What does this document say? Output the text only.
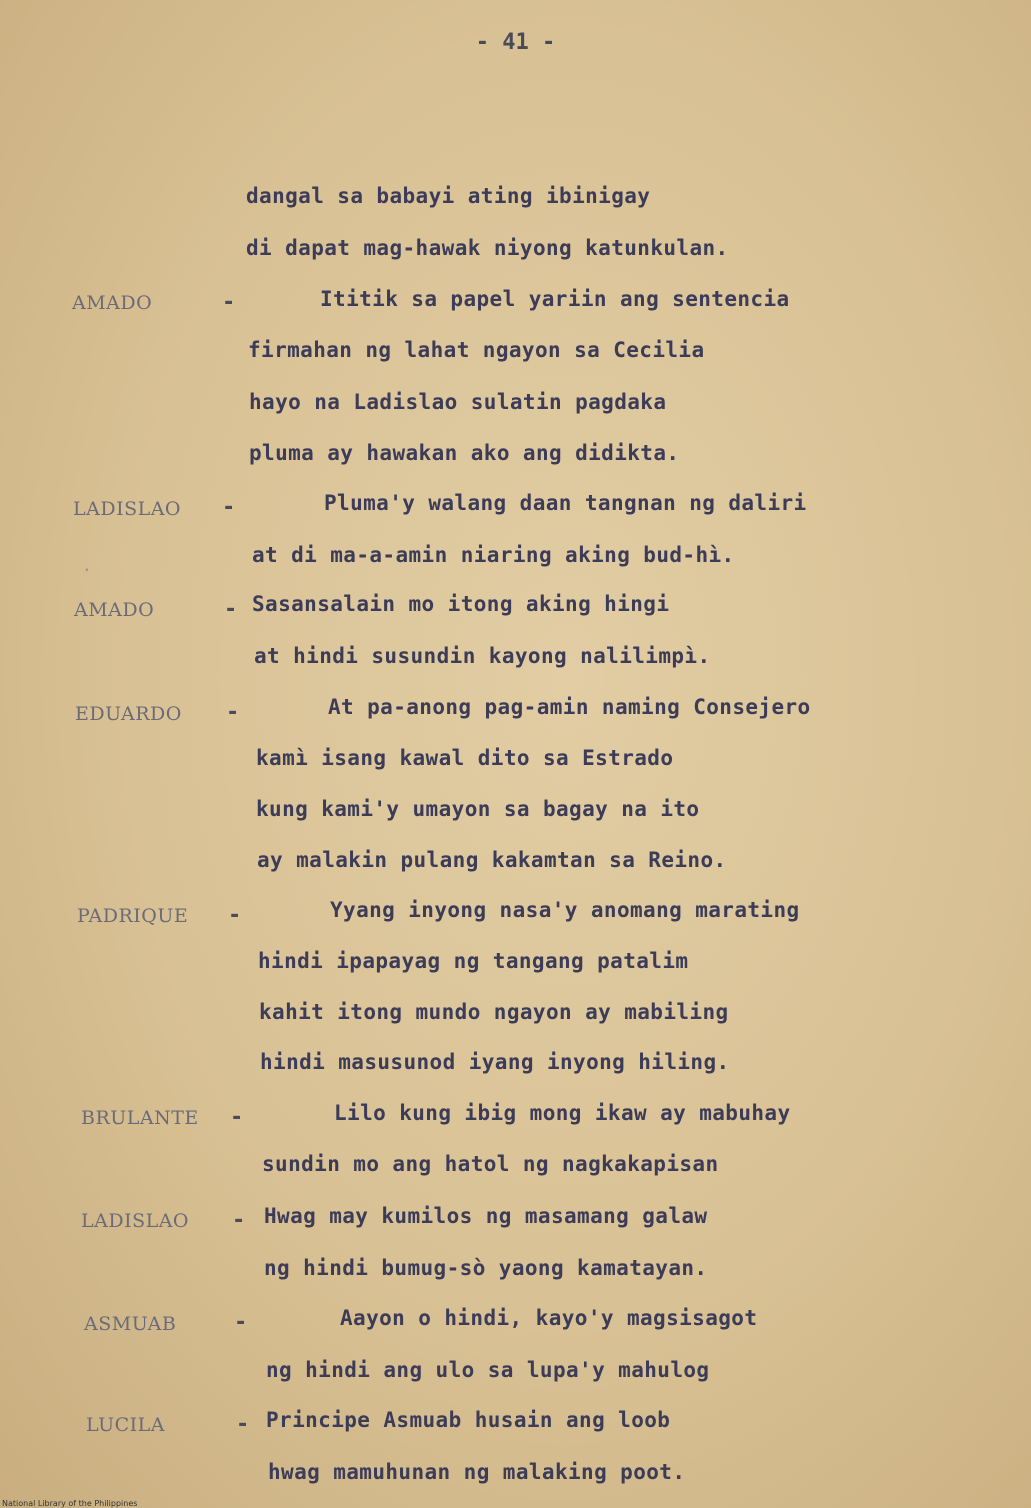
- 41 -
AMADO
LADISLAO
AMADO
EDUARDO
PADRIQUE
BRULANTE
LADISLAO
ASMUAB
LUCILA
-
-
-
-
-
-
-
-
-
.
dangal sa babayi ating ibinigay
di dapat mag-hawak niyong katunkulan.
Ititik sa papel yariin ang sentencia
firmahan ng lahat ngayon sa Cecilia
hayo na Ladislao sulatin pagdaka
pluma ay hawakan ako ang didikta.
Pluma'y walang daan tangnan ng daliri
at di ma-a-amin niaring aking bud-hì.
Sasansalain mo itong aking hingi
at hindi susundin kayong nalilimpì.
At pa-anong pag-amin naming Consejero
kamì isang kawal dito sa Estrado
kung kami'y umayon sa bagay na ito
ay malakin pulang kakamtan sa Reino.
Yyang inyong nasa'y anomang marating
hindi ipapayag ng tangang patalim
kahit itong mundo ngayon ay mabiling
hindi masusunod iyang inyong hiling.
Lilo kung ibig mong ikaw ay mabuhay
sundin mo ang hatol ng nagkakapisan
Hwag may kumilos ng masamang galaw
ng hindi bumug-sò yaong kamatayan.
Aayon o hindi, kayo'y magsisagot
ng hindi ang ulo sa lupa'y mahulog
Principe Asmuab husain ang loob
hwag mamuhunan ng malaking poot.
National Library of the Philippines
